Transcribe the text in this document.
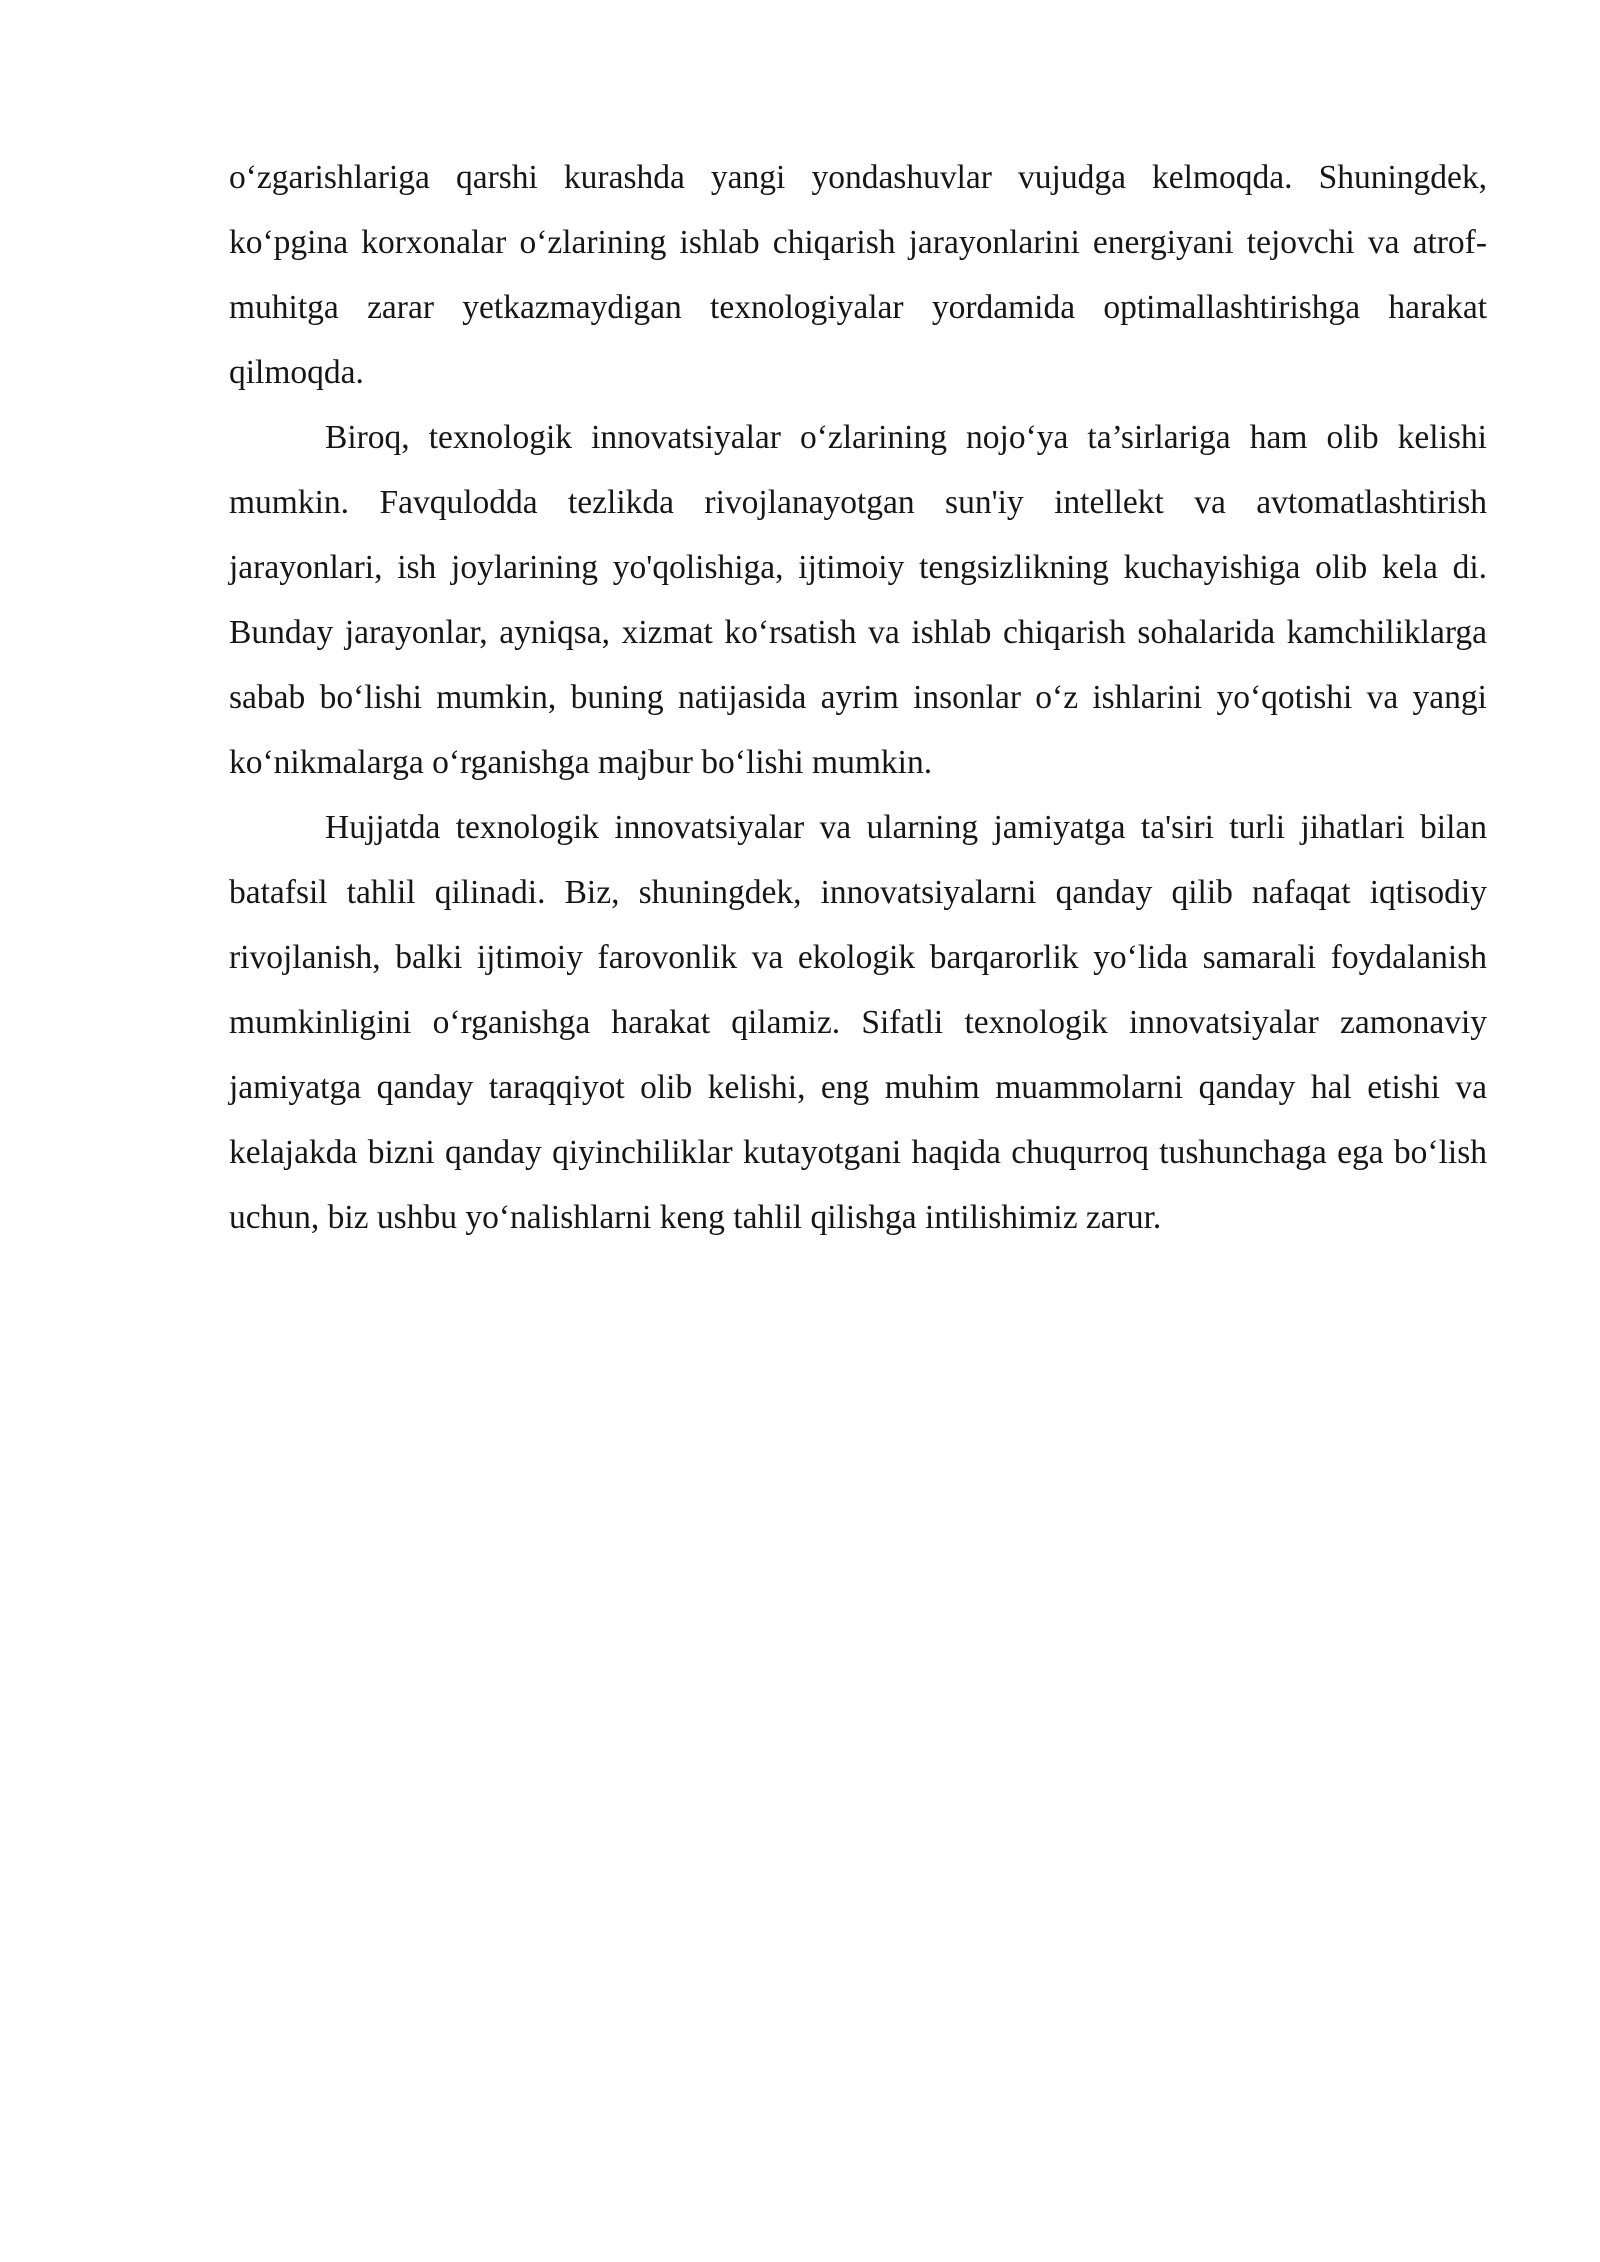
o‘zgarishlariga qarshi kurashda yangi yondashuvlar vujudga kelmoqda. Shuningdek, ko‘pgina korxonalar o‘zlarining ishlab chiqarish jarayonlarini energiyani tejovchi va atrof-muhitga zarar yetkazmaydigan texnologiyalar yordamida optimallashtirishga harakat qilmoqda.

Biroq, texnologik innovatsiyalar o‘zlarining nojo‘ya ta’sirlariga ham olib kelishi mumkin. Favqulodda tezlikda rivojlanayotgan sun'iy intellekt va avtomatlashtirish jarayonlari, ish joylarining yo'qolishiga, ijtimoiy tengsizlikning kuchayishiga olib kela di. Bunday jarayonlar, ayniqsa, xizmat ko‘rsatish va ishlab chiqarish sohalarida kamchiliklarga sabab bo‘lishi mumkin, buning natijasida ayrim insonlar o‘z ishlarini yo‘qotishi va yangi ko‘nikmalarga o‘rganishga majbur bo‘lishi mumkin.

Hujjatda texnologik innovatsiyalar va ularning jamiyatga ta'siri turli jihatlari bilan batafsil tahlil qilinadi. Biz, shuningdek, innovatsiyalarni qanday qilib nafaqat iqtisodiy rivojlanish, balki ijtimoiy farovonlik va ekologik barqarorlik yo‘lida samarali foydalanish mumkinligini o‘rganishga harakat qilamiz. Sifatli texnologik innovatsiyalar zamonaviy jamiyatga qanday taraqqiyot olib kelishi, eng muhim muammolarni qanday hal etishi va kelajakda bizni qanday qiyinchiliklar kutayotgani haqida chuqurroq tushunchaga ega bo‘lish uchun, biz ushbu yo‘nalishlarni keng tahlil qilishga intilishimiz zarur.
